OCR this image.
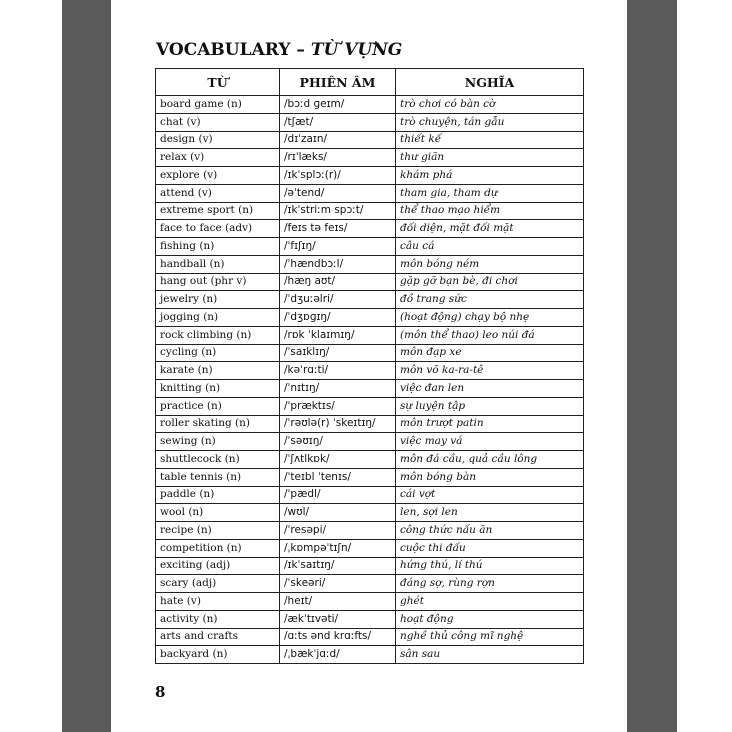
VOCABULARY – TỪ VỰNG
TỪ	PHIÊN ÂM	NGHĨA
board game (n)	/bɔːd ɡeɪm/	trò chơi có bàn cờ
chat (v)	/tʃæt/	trò chuyện, tán gẫu
design (v)	/dɪˈzaɪn/	thiết kế
relax (v)	/rɪˈlæks/	thư giãn
explore (v)	/ɪkˈsplɔː(r)/	khám phá
attend (v)	/əˈtend/	tham gia, tham dự
extreme sport (n)	/ɪkˈstriːm spɔːt/	thể thao mạo hiểm
face to face (adv)	/feɪs tə feɪs/	đối diện, mặt đối mặt
fishing (n)	/ˈfɪʃɪŋ/	câu cá
handball (n)	/ˈhændbɔːl/	môn bóng ném
hang out (phr v)	/hæŋ aʊt/	gặp gỡ bạn bè, đi chơi
jewelry (n)	/ˈdʒuːəlri/	đồ trang sức
jogging (n)	/ˈdʒɒɡɪŋ/	(hoạt động) chạy bộ nhẹ
rock climbing (n)	/rɒk ˈklaɪmɪŋ/	(môn thể thao) leo núi đá
cycling (n)	/ˈsaɪklɪŋ/	môn đạp xe
karate (n)	/kəˈrɑːti/	môn võ ka-ra-tê
knitting (n)	/ˈnɪtɪŋ/	việc đan len
practice (n)	/ˈpræktɪs/	sự luyện tập
roller skating (n)	/ˈrəʊlə(r) ˈskeɪtɪŋ/	môn trượt patin
sewing (n)	/ˈsəʊɪŋ/	việc may vá
shuttlecock (n)	/ˈʃʌtlkɒk/	môn đá cầu, quả cầu lông
table tennis (n)	/ˈteɪbl ˈtenɪs/	môn bóng bàn
paddle (n)	/ˈpædl/	cái vợt
wool (n)	/wʊl/	len, sợi len
recipe (n)	/ˈresəpi/	công thức nấu ăn
competition (n)	/ˌkɒmpəˈtɪʃn/	cuộc thi đấu
exciting (adj)	/ɪkˈsaɪtɪŋ/	hứng thú, lí thú
scary (adj)	/ˈskeəri/	đáng sợ, rùng rợn
hate (v)	/heɪt/	ghét
activity (n)	/ækˈtɪvəti/	hoạt động
arts and crafts	/ɑːts ənd krɑːfts/	nghề thủ công mĩ nghệ
backyard (n)	/ˌbækˈjɑːd/	sân sau
8
